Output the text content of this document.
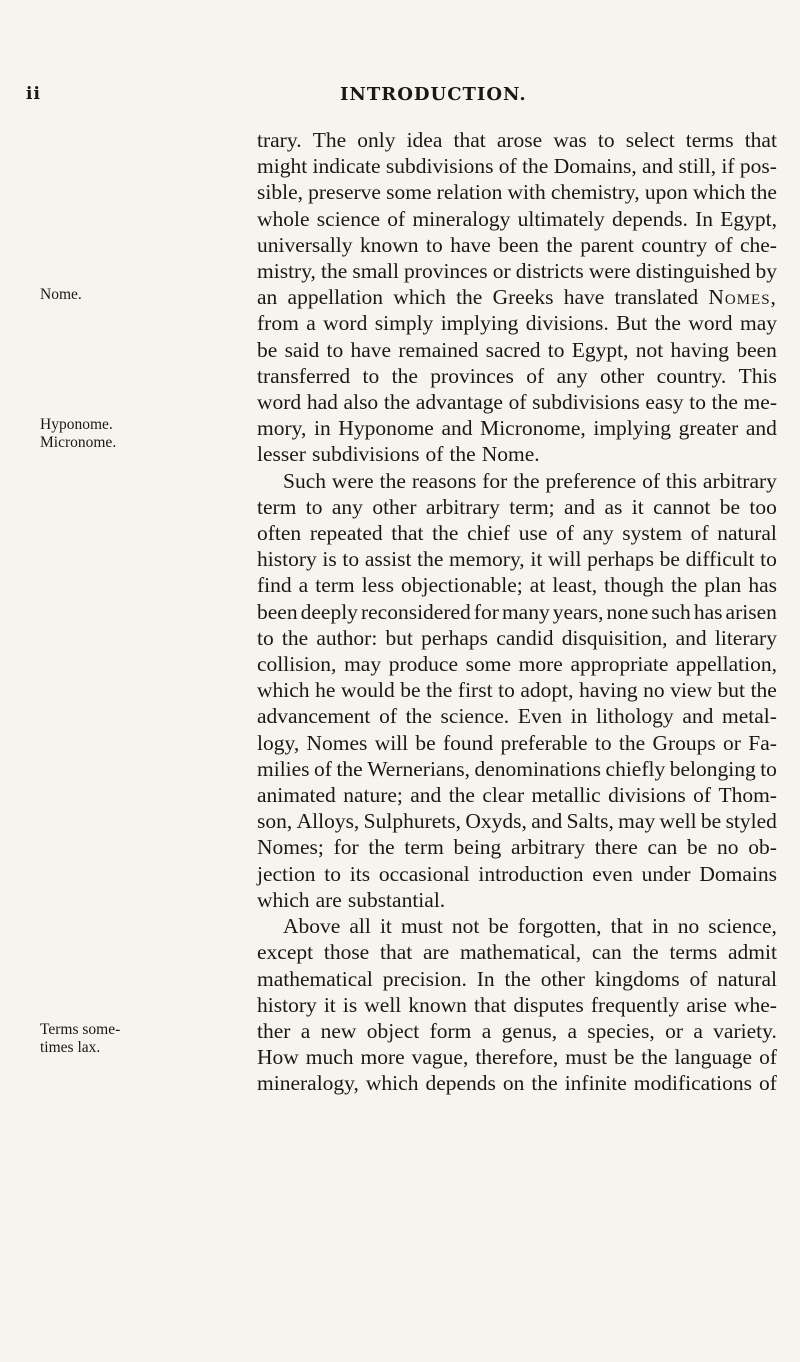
ii	INTRODUCTION.
Nome.
Hyponome.
Micronome.
Terms some-
times lax.
trary. The only idea that arose was to select terms that
might indicate subdivisions of the Domains, and still, if pos-
sible, preserve some relation with chemistry, upon which the
whole science of mineralogy ultimately depends. In Egypt,
universally known to have been the parent country of che-
mistry, the small provinces or districts were distinguished by
an appellation which the Greeks have translated Nomes,
from a word simply implying divisions. But the word may
be said to have remained sacred to Egypt, not having been
transferred to the provinces of any other country. This
word had also the advantage of subdivisions easy to the me-
mory, in Hyponome and Micronome, implying greater and
lesser subdivisions of the Nome.
Such were the reasons for the preference of this arbitrary
term to any other arbitrary term; and as it cannot be too
often repeated that the chief use of any system of natural
history is to assist the memory, it will perhaps be difficult to
find a term less objectionable; at least, though the plan has
been deeply reconsidered for many years, none such has arisen
to the author: but perhaps candid disquisition, and literary
collision, may produce some more appropriate appellation,
which he would be the first to adopt, having no view but the
advancement of the science. Even in lithology and metal-
logy, Nomes will be found preferable to the Groups or Fa-
milies of the Wernerians, denominations chiefly belonging to
animated nature; and the clear metallic divisions of Thom-
son, Alloys, Sulphurets, Oxyds, and Salts, may well be styled
Nomes; for the term being arbitrary there can be no ob-
jection to its occasional introduction even under Domains
which are substantial.
Above all it must not be forgotten, that in no science,
except those that are mathematical, can the terms admit
mathematical precision. In the other kingdoms of natural
history it is well known that disputes frequently arise whe-
ther a new object form a genus, a species, or a variety.
How much more vague, therefore, must be the language of
mineralogy, which depends on the infinite modifications of
